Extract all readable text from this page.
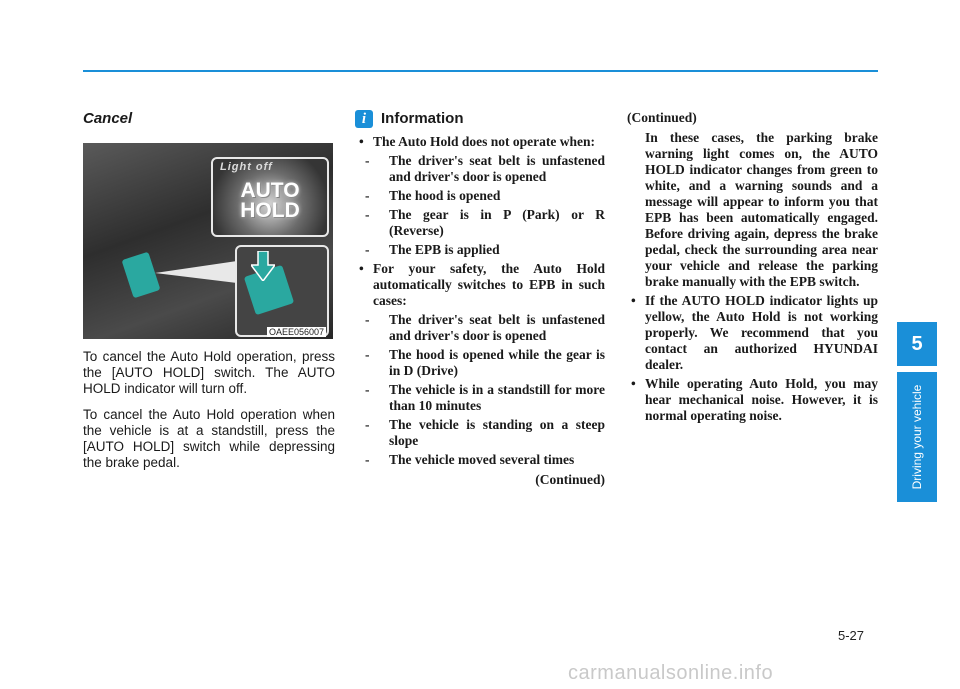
Cancel
Light off
AUTO
HOLD
OAEE056007

To cancel the Auto Hold operation, press the [AUTO HOLD] switch. The AUTO HOLD indicator will turn off.

To cancel the Auto Hold operation when the vehicle is at a standstill, press the [AUTO HOLD] switch while depressing the brake pedal.

i Information
• The Auto Hold does not operate when:
- The driver's seat belt is unfastened and driver's door is opened
- The hood is opened
- The gear is in P (Park) or R (Reverse)
- The EPB is applied
• For your safety, the Auto Hold automatically switches to EPB in such cases:
- The driver's seat belt is unfastened and driver's door is opened
- The hood is opened while the gear is in D (Drive)
- The vehicle is in a standstill for more than 10 minutes
- The vehicle is standing on a steep slope
- The vehicle moved several times
(Continued)
(Continued)
In these cases, the parking brake warning light comes on, the AUTO HOLD indicator changes from green to white, and a warning sounds and a message will appear to inform you that EPB has been automatically engaged. Before driving again, depress the brake pedal, check the surrounding area near your vehicle and release the parking brake manually with the EPB switch.
• If the AUTO HOLD indicator lights up yellow, the Auto Hold is not working properly. We recommend that you contact an authorized HYUNDAI dealer.
• While operating Auto Hold, you may hear mechanical noise. However, it is normal operating noise.
5
Driving your vehicle
5-27
carmanualsonline.info
